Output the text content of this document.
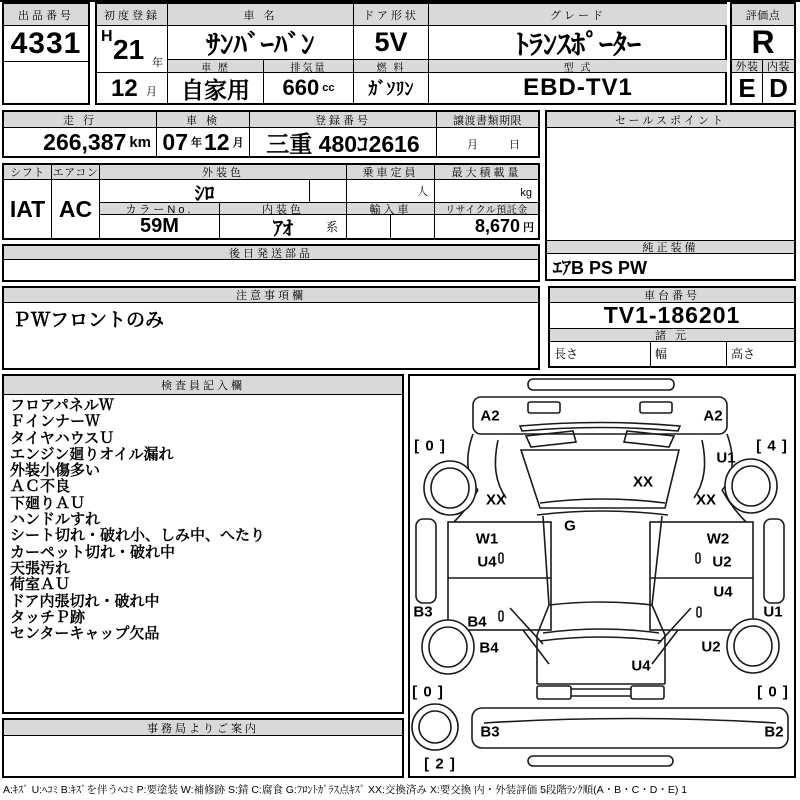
出品番号
4331
初度登録
H 21 年
12 月
車 名
ｻﾝﾊﾞｰﾊﾞﾝ
車 歴
自家用
排気量
660 cc
ドア形状
5V
燃 料
ｶﾞｿﾘﾝ
グレード
ﾄﾗﾝｽﾎﾟｰﾀｰ
型 式
EBD-TV1
評価点
R
外装 内装
E D
走 行
266,387 km
車 検
07 年 12 月
登録番号
三重 480ｺ2616
譲渡書類期限
月	日
セールスポイント
純正装備
ｴｱB PS PW
シフト
IAT
エアコン
AC
外装色
ｼﾛ
乗車定員
人
最大積載量
kg
カラーNo.
59M
内装色
ｱｵ	系
輸入車	リサイクル預託金
8,670 円
後日発送部品
注意事項欄
ＰＷフロントのみ
車台番号
TV1-186201
諸 元
長さ	幅	高さ
検査員記入欄
フロアパネルＷ
ＦインナーＷ
タイヤハウスＵ
エンジン廻りオイル漏れ
外装小傷多い
ＡＣ不良
下廻りＡＵ
ハンドルすれ
シート切れ・破れ小、しみ中、へたり
カーペット切れ・破れ中
天張汚れ
荷室ＡＵ
ドア内張切れ・破れ中
タッチＰ跡
センターキャップ欠品
事務局よりご案内
A2	A2
[ 0 ]	[ 4 ]
U1
XX
XX	XX
G
W1	W2
U4	U2
U4
B3	U1
B4
B4	U2
U4
[ 0 ]	[ 0 ]
B3	B2
[ 2 ]
A:ｷｽﾞ U:ﾍｺﾐ B:ｷｽﾞを伴うﾍｺﾐ P:要塗装 W:補修跡 S:錆 C:腐食 G:ﾌﾛﾝﾄｶﾞﾗｽ点ｷｽﾞ XX:交換済み X:要交換 内・外装評価 5段階ﾗﾝｸ順(A・B・C・D・E) 1
